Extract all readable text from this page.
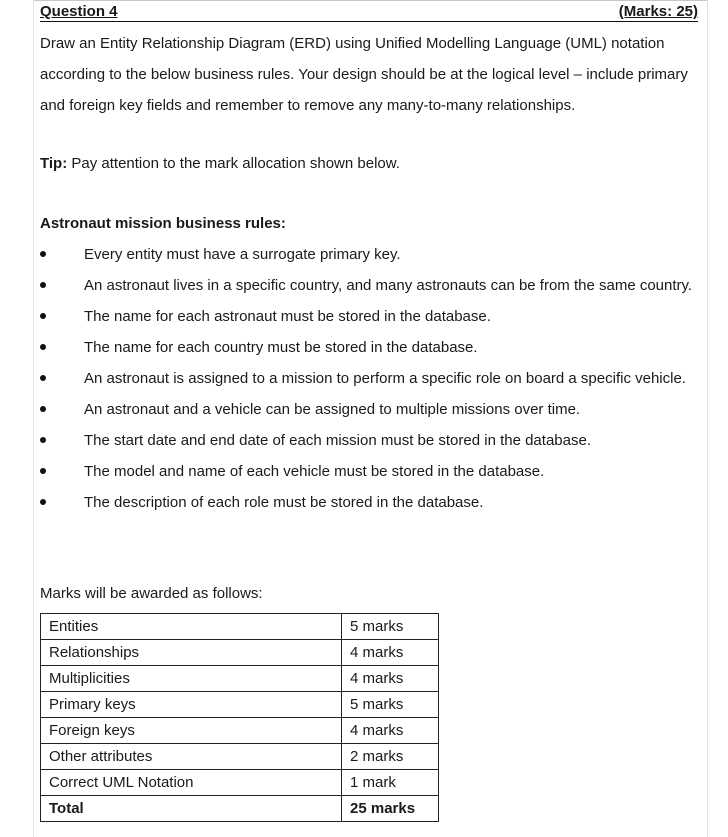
Question 4	(Marks: 25)

Draw an Entity Relationship Diagram (ERD) using Unified Modelling Language (UML) notation

according to the below business rules. Your design should be at the logical level – include primary

and foreign key fields and remember to remove any many-to-many relationships.

Tip: Pay attention to the mark allocation shown below.
Astronaut mission business rules:
Every entity must have a surrogate primary key.
An astronaut lives in a specific country, and many astronauts can be from the same country.
The name for each astronaut must be stored in the database.
The name for each country must be stored in the database.
An astronaut is assigned to a mission to perform a specific role on board a specific vehicle.
An astronaut and a vehicle can be assigned to multiple missions over time.
The start date and end date of each mission must be stored in the database.
The model and name of each vehicle must be stored in the database.
The description of each role must be stored in the database.
Marks will be awarded as follows:
Entities	5 marks
Relationships	4 marks
Multiplicities	4 marks
Primary keys	5 marks
Foreign keys	4 marks
Other attributes	2 marks
Correct UML Notation	1 mark
Total	25 marks
